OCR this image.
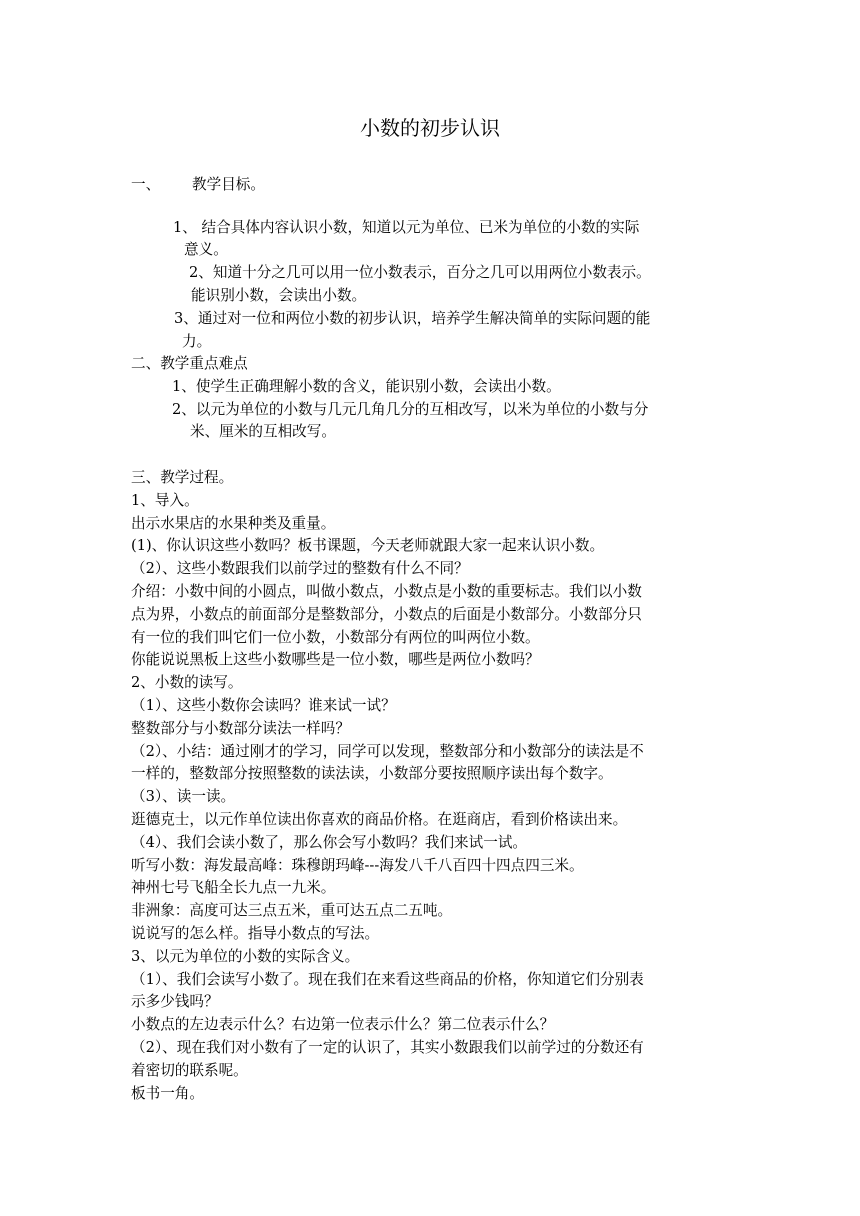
小数的初步认识
一、 教学目标。
1、 结合具体内容认识小数，知道以元为单位、已米为单位的小数的实际
意义。
2、知道十分之几可以用一位小数表示，百分之几可以用两位小数表示。
能识别小数，会读出小数。
3、通过对一位和两位小数的初步认识，培养学生解决简单的实际问题的能
力。
二、教学重点难点
1、使学生正确理解小数的含义，能识别小数，会读出小数。
2、以元为单位的小数与几元几角几分的互相改写，以米为单位的小数与分
米、厘米的互相改写。
三、教学过程。
1、导入。
出示水果店的水果种类及重量。
(1)、你认识这些小数吗？板书课题，今天老师就跟大家一起来认识小数。
（2）、这些小数跟我们以前学过的整数有什么不同？
介绍：小数中间的小圆点，叫做小数点，小数点是小数的重要标志。我们以小数
点为界，小数点的前面部分是整数部分，小数点的后面是小数部分。小数部分只
有一位的我们叫它们一位小数，小数部分有两位的叫两位小数。
你能说说黑板上这些小数哪些是一位小数，哪些是两位小数吗？
2、小数的读写。
（1）、这些小数你会读吗？谁来试一试？
整数部分与小数部分读法一样吗？
（2）、小结：通过刚才的学习，同学可以发现，整数部分和小数部分的读法是不
一样的，整数部分按照整数的读法读，小数部分要按照顺序读出每个数字。
（3）、读一读。
逛德克士，以元作单位读出你喜欢的商品价格。在逛商店，看到价格读出来。
（4）、我们会读小数了，那么你会写小数吗？我们来试一试。
听写小数：海发最高峰：珠穆朗玛峰---海发八千八百四十四点四三米。
神州七号飞船全长九点一九米。
非洲象：高度可达三点五米，重可达五点二五吨。
说说写的怎么样。指导小数点的写法。
3、以元为单位的小数的实际含义。
（1）、我们会读写小数了。现在我们在来看这些商品的价格，你知道它们分别表
示多少钱吗？
小数点的左边表示什么？右边第一位表示什么？第二位表示什么？
（2）、现在我们对小数有了一定的认识了，其实小数跟我们以前学过的分数还有
着密切的联系呢。
板书一角。
